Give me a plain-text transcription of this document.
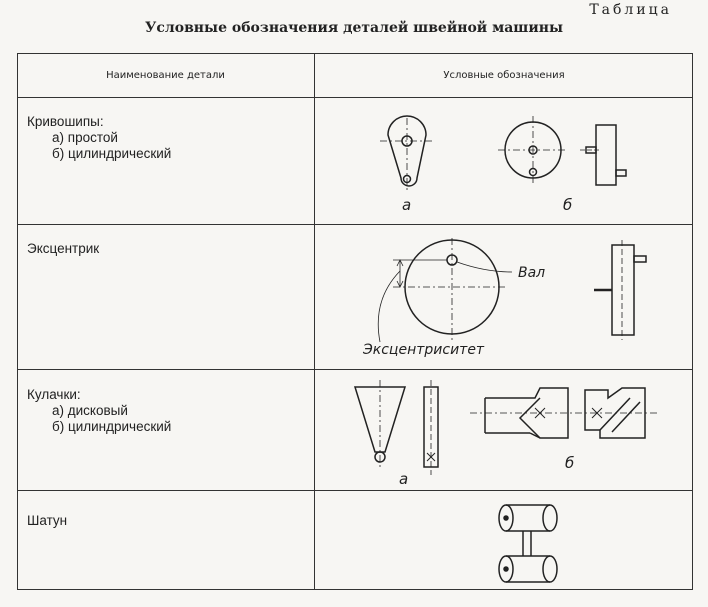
Таблица
Условные обозначения деталей швейной машины
Наименование детали	Условные обозначения
Кривошипы:
а) простой
б) цилиндрический
Эксцентрик
Кулачки:
а) дисковый
б) цилиндрический
Шатун
a	б
Вал
Эксцентриситет
a
б
